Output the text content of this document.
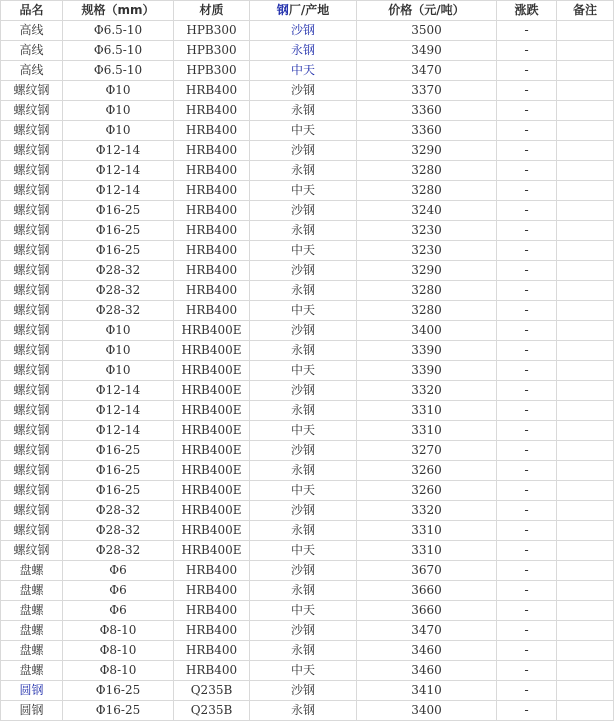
品名	规格（mm）	材质	钢厂/产地	价格（元/吨）	涨跌	备注
高线	Φ6.5-10	HPB300	沙钢	3500	-	
高线	Φ6.5-10	HPB300	永钢	3490	-	
高线	Φ6.5-10	HPB300	中天	3470	-	
螺纹钢	Φ10	HRB400	沙钢	3370	-	
螺纹钢	Φ10	HRB400	永钢	3360	-	
螺纹钢	Φ10	HRB400	中天	3360	-	
螺纹钢	Φ12-14	HRB400	沙钢	3290	-	
螺纹钢	Φ12-14	HRB400	永钢	3280	-	
螺纹钢	Φ12-14	HRB400	中天	3280	-	
螺纹钢	Φ16-25	HRB400	沙钢	3240	-	
螺纹钢	Φ16-25	HRB400	永钢	3230	-	
螺纹钢	Φ16-25	HRB400	中天	3230	-	
螺纹钢	Φ28-32	HRB400	沙钢	3290	-	
螺纹钢	Φ28-32	HRB400	永钢	3280	-	
螺纹钢	Φ28-32	HRB400	中天	3280	-	
螺纹钢	Φ10	HRB400E	沙钢	3400	-	
螺纹钢	Φ10	HRB400E	永钢	3390	-	
螺纹钢	Φ10	HRB400E	中天	3390	-	
螺纹钢	Φ12-14	HRB400E	沙钢	3320	-	
螺纹钢	Φ12-14	HRB400E	永钢	3310	-	
螺纹钢	Φ12-14	HRB400E	中天	3310	-	
螺纹钢	Φ16-25	HRB400E	沙钢	3270	-	
螺纹钢	Φ16-25	HRB400E	永钢	3260	-	
螺纹钢	Φ16-25	HRB400E	中天	3260	-	
螺纹钢	Φ28-32	HRB400E	沙钢	3320	-	
螺纹钢	Φ28-32	HRB400E	永钢	3310	-	
螺纹钢	Φ28-32	HRB400E	中天	3310	-	
盘螺	Φ6	HRB400	沙钢	3670	-	
盘螺	Φ6	HRB400	永钢	3660	-	
盘螺	Φ6	HRB400	中天	3660	-	
盘螺	Φ8-10	HRB400	沙钢	3470	-	
盘螺	Φ8-10	HRB400	永钢	3460	-	
盘螺	Φ8-10	HRB400	中天	3460	-	
圆钢	Φ16-25	Q235B	沙钢	3410	-	
圆钢	Φ16-25	Q235B	永钢	3400	-	
